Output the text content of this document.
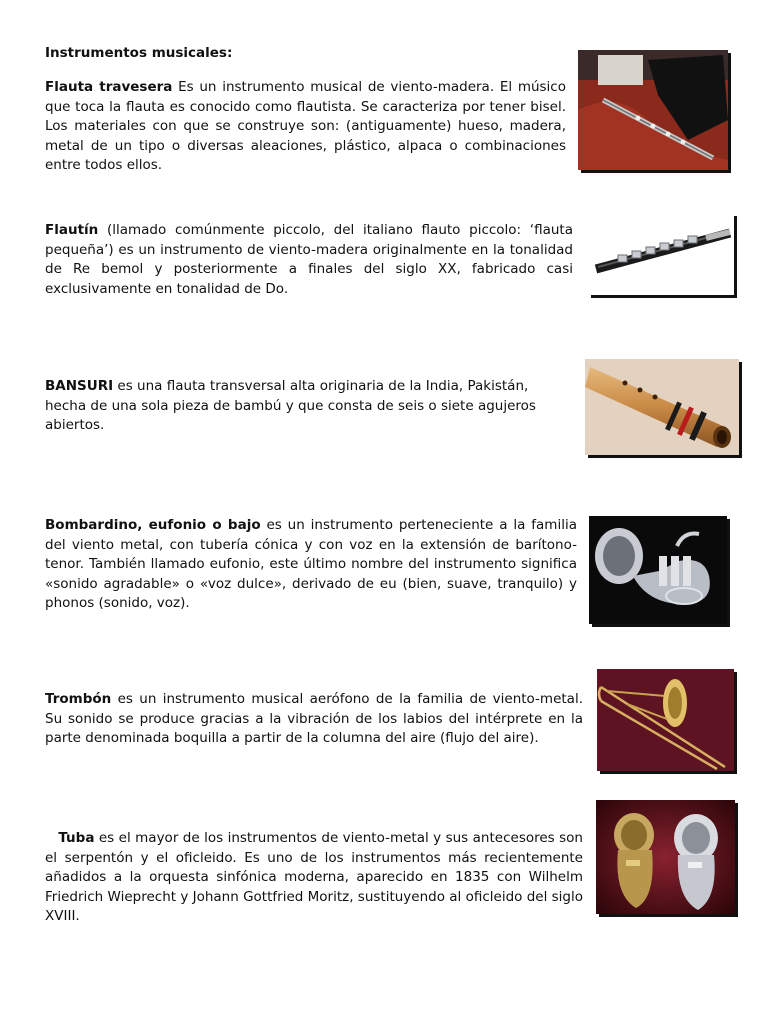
Instrumentos musicales:

Flauta travesera Es un instrumento musical de viento-madera. El músico que toca la flauta es conocido como flautista. Se caracteriza por tener bisel. Los materiales con que se construye son: (antiguamente) hueso, madera, metal de un tipo o diversas aleaciones, plástico, alpaca o combinaciones entre todos ellos.

Flautín (llamado comúnmente piccolo, del italiano flauto piccolo: ‘flauta pequeña’) es un instrumento de viento-madera originalmente en la tonalidad de Re bemol y posteriormente a finales del siglo XX, fabricado casi exclusivamente en tonalidad de Do.

BANSURI es una flauta transversal alta originaria de la India, Pakistán, hecha de una sola pieza de bambú y que consta de seis o siete agujeros abiertos.

Bombardino, eufonio o bajo es un instrumento perteneciente a la familia del viento metal, con tubería cónica y con voz en la extensión de barítono-tenor. También llamado eufonio, este último nombre del instrumento significa «sonido agradable» o «voz dulce», derivado de eu (bien, suave, tranquilo) y phonos (sonido, voz).

Trombón es un instrumento musical aerófono de la familia de viento-metal. Su sonido se produce gracias a la vibración de los labios del intérprete en la parte denominada boquilla a partir de la columna del aire (flujo del aire).

Tuba es el mayor de los instrumentos de viento-metal y sus antecesores son el serpentón y el oficleido. Es uno de los instrumentos más recientemente añadidos a la orquesta sinfónica moderna, aparecido en 1835 con Wilhelm Friedrich Wieprecht y Johann Gottfried Moritz, sustituyendo al oficleido del siglo XVIII.
